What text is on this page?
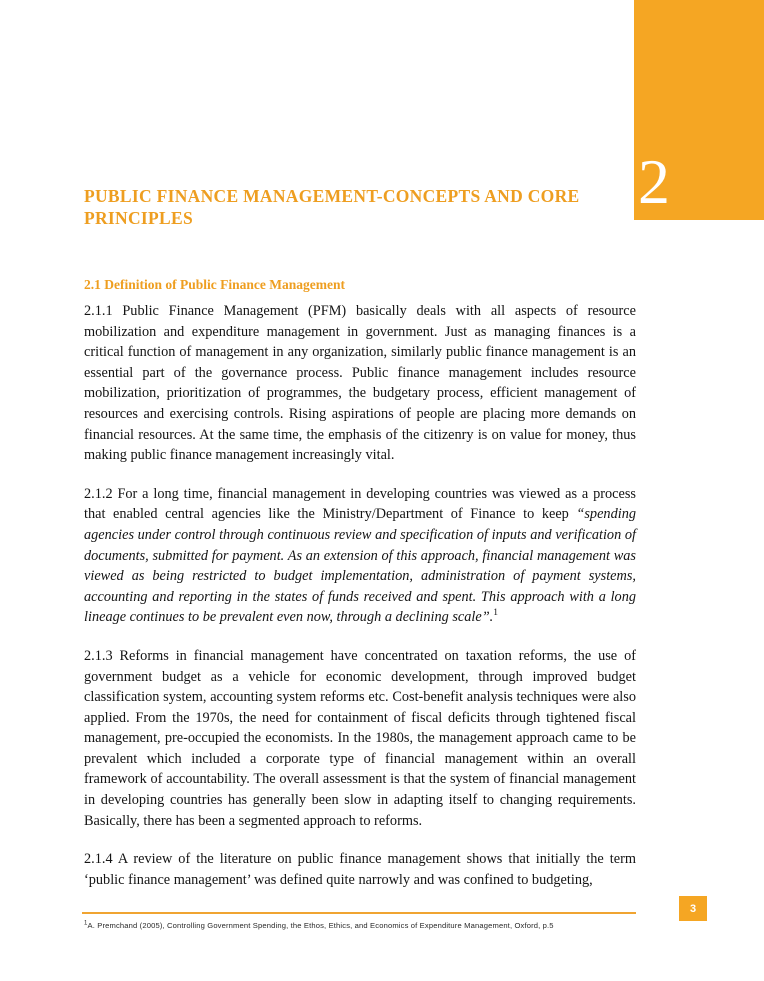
2
PUBLIC FINANCE MANAGEMENT-CONCEPTS AND CORE PRINCIPLES
2.1 Definition of Public Finance Management

2.1.1 Public Finance Management (PFM) basically deals with all aspects of resource mobilization and expenditure management in government. Just as managing finances is a critical function of management in any organization, similarly public finance management is an essential part of the governance process. Public finance management includes resource mobilization, prioritization of programmes, the budgetary process, efficient management of resources and exercising controls. Rising aspirations of people are placing more demands on financial resources. At the same time, the emphasis of the citizenry is on value for money, thus making public finance management increasingly vital.

2.1.2 For a long time, financial management in developing countries was viewed as a process that enabled central agencies like the Ministry/Department of Finance to keep “spending agencies under control through continuous review and specification of inputs and verification of documents, submitted for payment. As an extension of this approach, financial management was viewed as being restricted to budget implementation, administration of payment systems, accounting and reporting in the states of funds received and spent. This approach with a long lineage continues to be prevalent even now, through a declining scale”.$^1$

2.1.3 Reforms in financial management have concentrated on taxation reforms, the use of government budget as a vehicle for economic development, through improved budget classification system, accounting system reforms etc. Cost-benefit analysis techniques were also applied. From the 1970s, the need for containment of fiscal deficits through tightened fiscal management, pre-occupied the economists. In the 1980s, the management approach came to be prevalent which included a corporate type of financial management within an overall framework of accountability. The overall assessment is that the system of financial management in developing countries has generally been slow in adapting itself to changing requirements. Basically, there has been a segmented approach to reforms.

2.1.4 A review of the literature on public finance management shows that initially the term ‘public finance management’ was defined quite narrowly and was confined to budgeting,

$^1$A. Premchand (2005), Controlling Government Spending, the Ethos, Ethics, and Economics of Expenditure Management, Oxford, p.5
3
